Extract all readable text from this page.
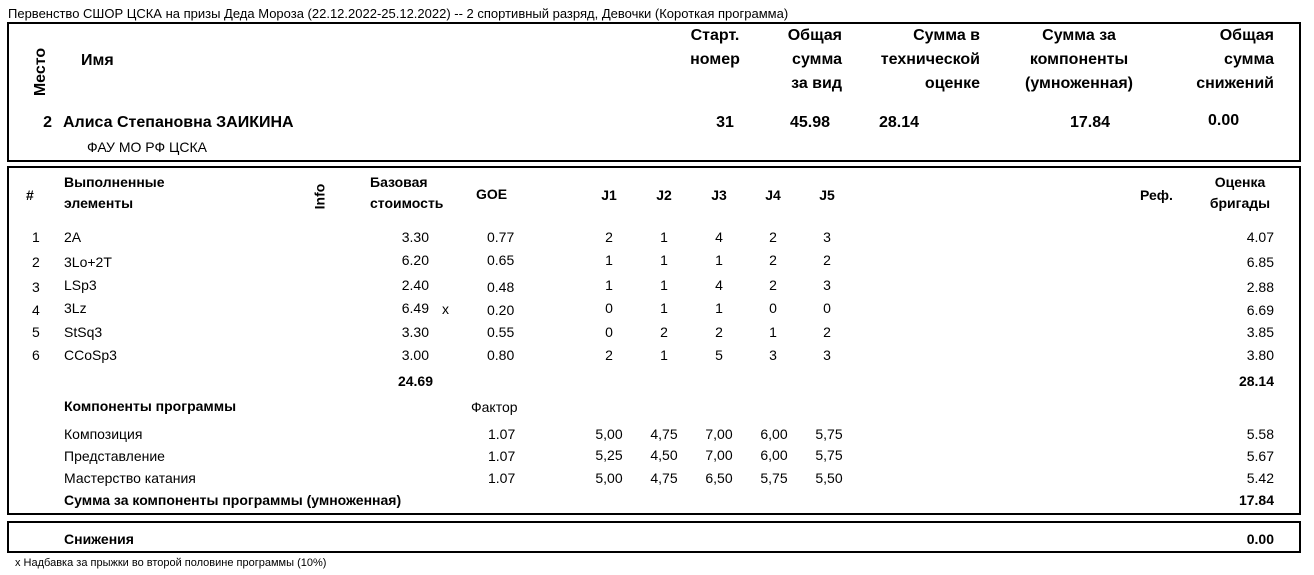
Первенство СШОР ЦСКА на призы Деда Мороза (22.12.2022-25.12.2022) -- 2 спортивный разряд, Девочки (Короткая программа)
Место Имя
Старт.
номер
Общая
сумма
за вид
Сумма в
технической
оценке
Сумма за
компоненты
(умноженная)
Общая
сумма
снижений
2 Алиса Степановна ЗАИКИНА
ФАУ МО РФ ЦСКА
31	45.98	28.14	17.84	0.00
#
Выполненные
элементы	Info
Базовая
стоимость
GOE	J1	J2	J3	J4	J5	Реф.
Оценка
бригады
1 2A	3.30	0.77	2	1	4	2	3	4.07
2 3Lo+2T	6.20	0.65	1	1	1	2	2	6.85
3 LSp3	2.40	0.48	1	1	4	2	3	2.88
4 3Lz	6.49 x	0.20	0	1	1	0	0	6.69
5 StSq3	3.30	0.55	0	2	2	1	2	3.85
6 CCoSp3	3.00	0.80	2	1	5	3	3	3.80
24.69	28.14
Компоненты программы	Фактор
Композиция	1.07	5,00	4,75	7,00	6,00	5,75	5.58
Представление	1.07	5,25	4,50	7,00	6,00	5,75	5.67
Мастерство катания	1.07	5,00	4,75	6,50	5,75	5,50	5.42
Сумма за компоненты программы (умноженная)	17.84
Снижения	0.00
x Надбавка за прыжки во второй половине программы (10%)
